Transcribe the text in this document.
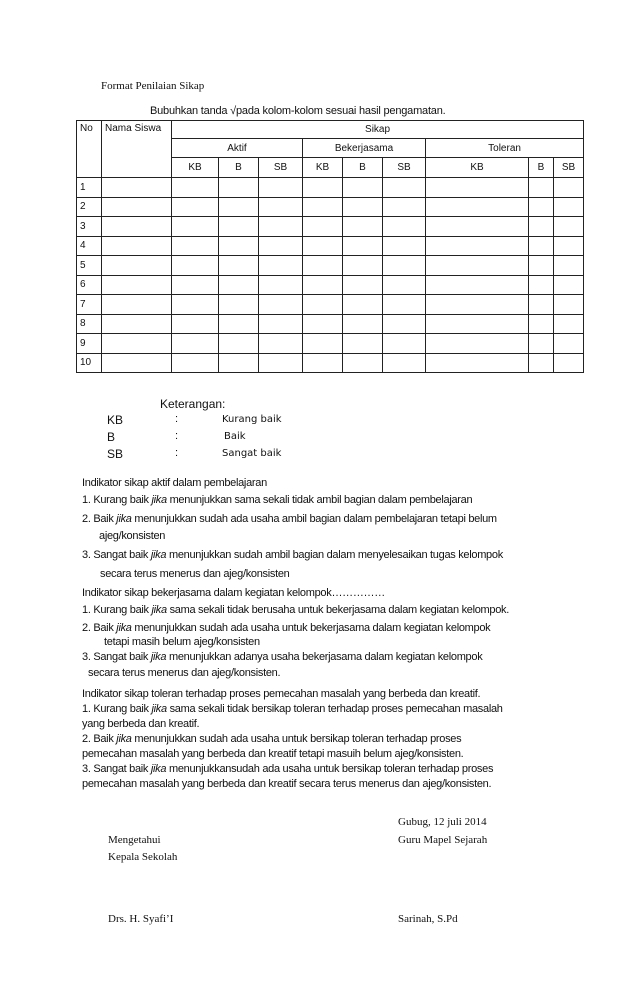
Format Penilaian Sikap
Bubuhkan tanda √pada kolom-kolom sesuai hasil pengamatan.
No	Nama Siswa	Sikap								
		Aktif			Bekerjasama			Toleran		
		KB	B	SB	KB	B	SB	KB	B	SB
1										
2										
3										
4										
5										
6										
7										
8										
9										
10										
Keterangan:
KB	:	Kurang baik
B	:	Baik
SB	:	Sangat baik
Indikator sikap aktif dalam pembelajaran
1. Kurang baik jika menunjukkan sama sekali tidak ambil bagian dalam pembelajaran
2. Baik jika menunjukkan sudah ada usaha ambil bagian dalam pembelajaran tetapi belum
ajeg/konsisten
3. Sangat baik jika menunjukkan sudah ambil bagian dalam menyelesaikan tugas kelompok
secara terus menerus dan ajeg/konsisten
Indikator sikap bekerjasama dalam kegiatan kelompok……………
1. Kurang baik jika sama sekali tidak berusaha untuk bekerjasama dalam kegiatan kelompok.
2. Baik jika menunjukkan sudah ada usaha untuk bekerjasama dalam kegiatan kelompok
tetapi masih belum ajeg/konsisten
3. Sangat baik jika menunjukkan adanya usaha bekerjasama dalam kegiatan kelompok
secara terus menerus dan ajeg/konsisten.
Indikator sikap toleran terhadap proses pemecahan masalah yang berbeda dan kreatif.
1. Kurang baik jika sama sekali tidak bersikap toleran terhadap proses pemecahan masalah
yang berbeda dan kreatif.
2. Baik jika menunjukkan sudah ada usaha untuk bersikap toleran terhadap proses
pemecahan masalah yang berbeda dan kreatif tetapi masuih belum ajeg/konsisten.
3. Sangat baik jika menunjukkansudah ada usaha untuk bersikap toleran terhadap proses
pemecahan masalah yang berbeda dan kreatif secara terus menerus dan ajeg/konsisten.
Gubug, 12 juli 2014
Mengetahui	Guru Mapel Sejarah
Kepala Sekolah
Drs. H. Syafi’I	Sarinah, S.Pd
